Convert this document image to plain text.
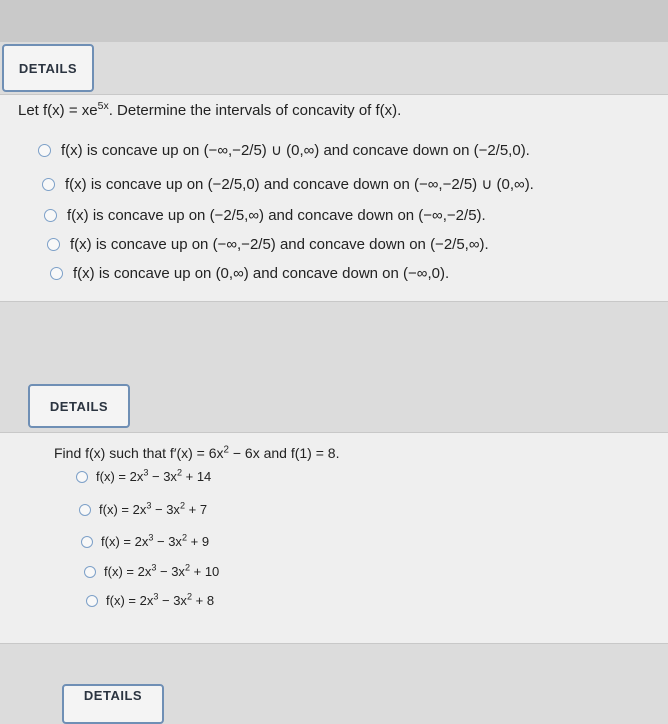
DETAILS
Let $f(x) = xe^{5x}$. Determine the intervals of concavity of f(x).
f(x) is concave up on (−∞,−2/5) ∪ (0,∞) and concave down on (−2/5,0).
f(x) is concave up on (−2/5,0) and concave down on (−∞,−2/5) ∪ (0,∞).
f(x) is concave up on (−2/5,∞) and concave down on (−∞,−2/5).
f(x) is concave up on (−∞,−2/5) and concave down on (−2/5,∞).
f(x) is concave up on (0,∞) and concave down on (−∞,0).
DETAILS
Find f(x) such that $f'(x) = 6x^2 - 6x$ and f(1) = 8.
$f(x) = 2x^3 - 3x^2 + 14$
$f(x) = 2x^3 - 3x^2 + 7$
$f(x) = 2x^3 - 3x^2 + 9$
$f(x) = 2x^3 - 3x^2 + 10$
$f(x) = 2x^3 - 3x^2 + 8$
DETAILS
